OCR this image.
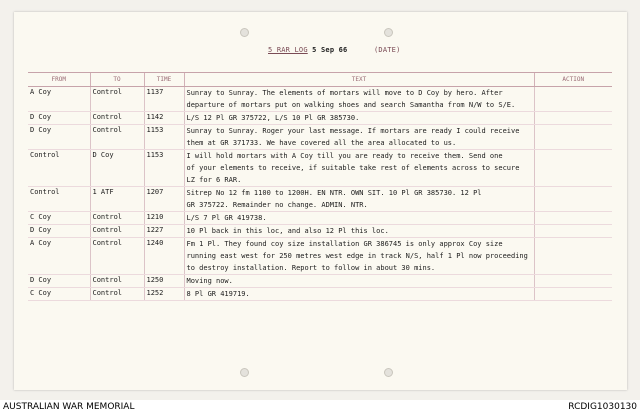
5 RAR LOG 5 Sep 66	(DATE)
FROM	TO	TIME	TEXT	ACTION
A Coy	Control	1137	Sunray to Sunray. The elements of mortars will move to D Coy by hero. After
departure of mortars put on walking shoes and search Samantha from N/W to S/E.	

D Coy	Control	1142	L/S 12 Pl GR 375722, L/S 10 Pl GR 385730.	

D Coy	Control	1153	Sunray to Sunray. Roger your last message. If mortars are ready I could receive
them at GR 371733. We have covered all the area allocated to us.	

Control	D Coy	1153	I will hold mortars with A Coy till you are ready to receive them. Send one
of your elements to receive, if suitable take rest of elements across to secure
LZ for 6 RAR.	

Control	1 ATF	1207	Sitrep No 12 fm 1100 to 1200H. EN NTR. OWN SIT. 10 Pl GR 385730. 12 Pl
GR 375722. Remainder no change. ADMIN. NTR.	

C Coy	Control	1210	L/S 7 Pl GR 419738.	

D Coy	Control	1227	10 Pl back in this loc, and also 12 Pl this loc.	

A Coy	Control	1240	Fm 1 Pl. They found coy size installation GR 386745 is only approx Coy size
running east west for 250 metres west edge in track N/S, half 1 Pl now proceeding
to destroy installation. Report to follow in about 30 mins.	

D Coy	Control	1250	Moving now.	

C Coy	Control	1252	8 Pl GR 419719.	

AUSTRALIAN WAR MEMORIAL	RCDIG1030130
